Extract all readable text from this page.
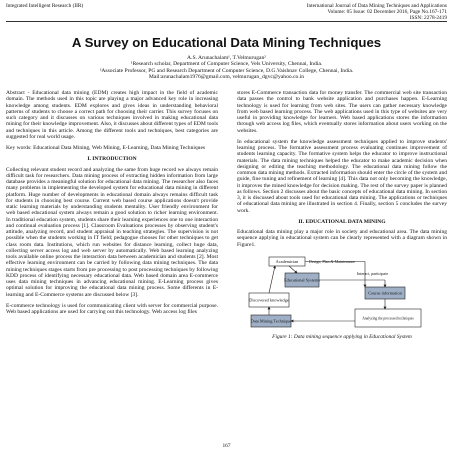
Integrated Intelligent Research (IIR)	International Journal of Data Mining Techniques and Applications
Volume: 05 Issue: 02 December 2016, Page No.167-171
ISSN: 2278-2419
A Survey on Educational Data Mining Techniques
A.S. Arunachalam¹, T.Velmurugan²
¹Research scholar, Department of Computer Science, Vels University, Chennai, India.
²Associate Professor, PG and Research Department of Computer Science, D.G.Vaishnav College, Chennai, India.
Mail:arunachalam1976@gmail.com, velmurugan_dgvc@yahoo.co.in

Abstract - Educational data mining (EDM) creates high impact in the field of academic domain. The methods used in this topic are playing a major advanced key role in increasing knowledge among students. EDM explores and gives ideas in understanding behavioral patterns of students to choose a correct path for choosing their carrier. This survey focuses on such category and it discusses on various techniques involved in making educational data mining for their knowledge improvement. Also, it discusses about different types of EDM tools and techniques in this article. Among the different tools and techniques, best categories are suggested for real world usage.

Key words: Educational Data Mining, Web Mining, E-Learning, Data Mining Techniques

I. INTRODUCTION

Collecting relevant student record and analyzing the same from huge record we always remain difficult task for researchers. Data mining process of extracting hidden information from large database provides a meaningful solution for educational data mining. The researcher also faces many problems in implementing the developed system for educational data mining in different platform. Huge number of developments in educational domain always remains difficult task for students in choosing best course. Current web based course applications doesn't provide static learning materials by understanding students mentality. User friendly environment for web based educational system always remain a good solution to richer learning environment. In traditional education system, students share their learning experiences one to one interaction and continual evaluation process [1]. Classroom Evaluations processes by observing student's attitude, analyzing record, and student appraisal in teaching strategies. The supervision is not possible when the students working in IT field; pedagogue chooses for other techniques to get class room data. Institutions, which run websites for distance learning, collect huge data, collecting server access log and web server by automatically. Web based learning analyzing tools available online process the interaction data between academician and students [2]. Most effective learning environment can be carried by following data mining techniques. The data mining techniques stages starts from pre processing to post processing techniques by following KDD process of identifying necessary educational data. Web based domain area E-commerce uses data mining techniques in advancing educational mining. E-Learning process gives optimal solution for improving the educational data mining process. Some differents in E-learning and E-Commerce systems are discussed below [3].

E-commerce technology is used for communicating client with server for commercial purpose. Web based applications are used for carrying out this technology. Web access log files

stores E-Commerce transaction data for money transfer. The commercial web site transaction data passes the control to bank website application and purchases happen. E-Learning technology is used for learning from web sites. The users can gather necessary knowledge from web based learning process. The web applications used in this type of websites are very useful in providing knowledge for learners. Web based applications stores the information through web access log files, which eventually stores information about users working on the websites.

In educational system the knowledge assessment techniques applied to improve students' learning process. The formative assessment process evaluating continues improvement of students learning capacity. The formative system helps the educator to improve instructional materials. The data mining techniques helped the educator to make academic decision when designing or editing the teaching methodology. The educational data mining follow the common data mining methods. Extracted information should enter the circle of the system and guide, fine tuning and refinement of learning [4]. This data not only becoming the knowledge, it improves the mined knowledge for decision making. The rest of the survey paper is planned as follows. Section 2 discusses about the basic concepts of educational data mining. In section 3, it is discussed about tools used for educational data mining. The applications or techniques of educational data mining are illustrated in section 4. Finally, section 5 concludes the survey work.

II. EDUCATIONAL DATA MINING

Educational data mining play a major role in society and educational area. The data mining sequence applying in educational system can be clearly represented with a diagram shown in Figure1.

Academician
Educational Systems
Discovered knowledge
Data Mining Technique
Course information
Analyzing the processed techniques
Design, Plan & Maintenance
Interact, participate
Figure 1: Data mining sequence applying in Educational System
167
